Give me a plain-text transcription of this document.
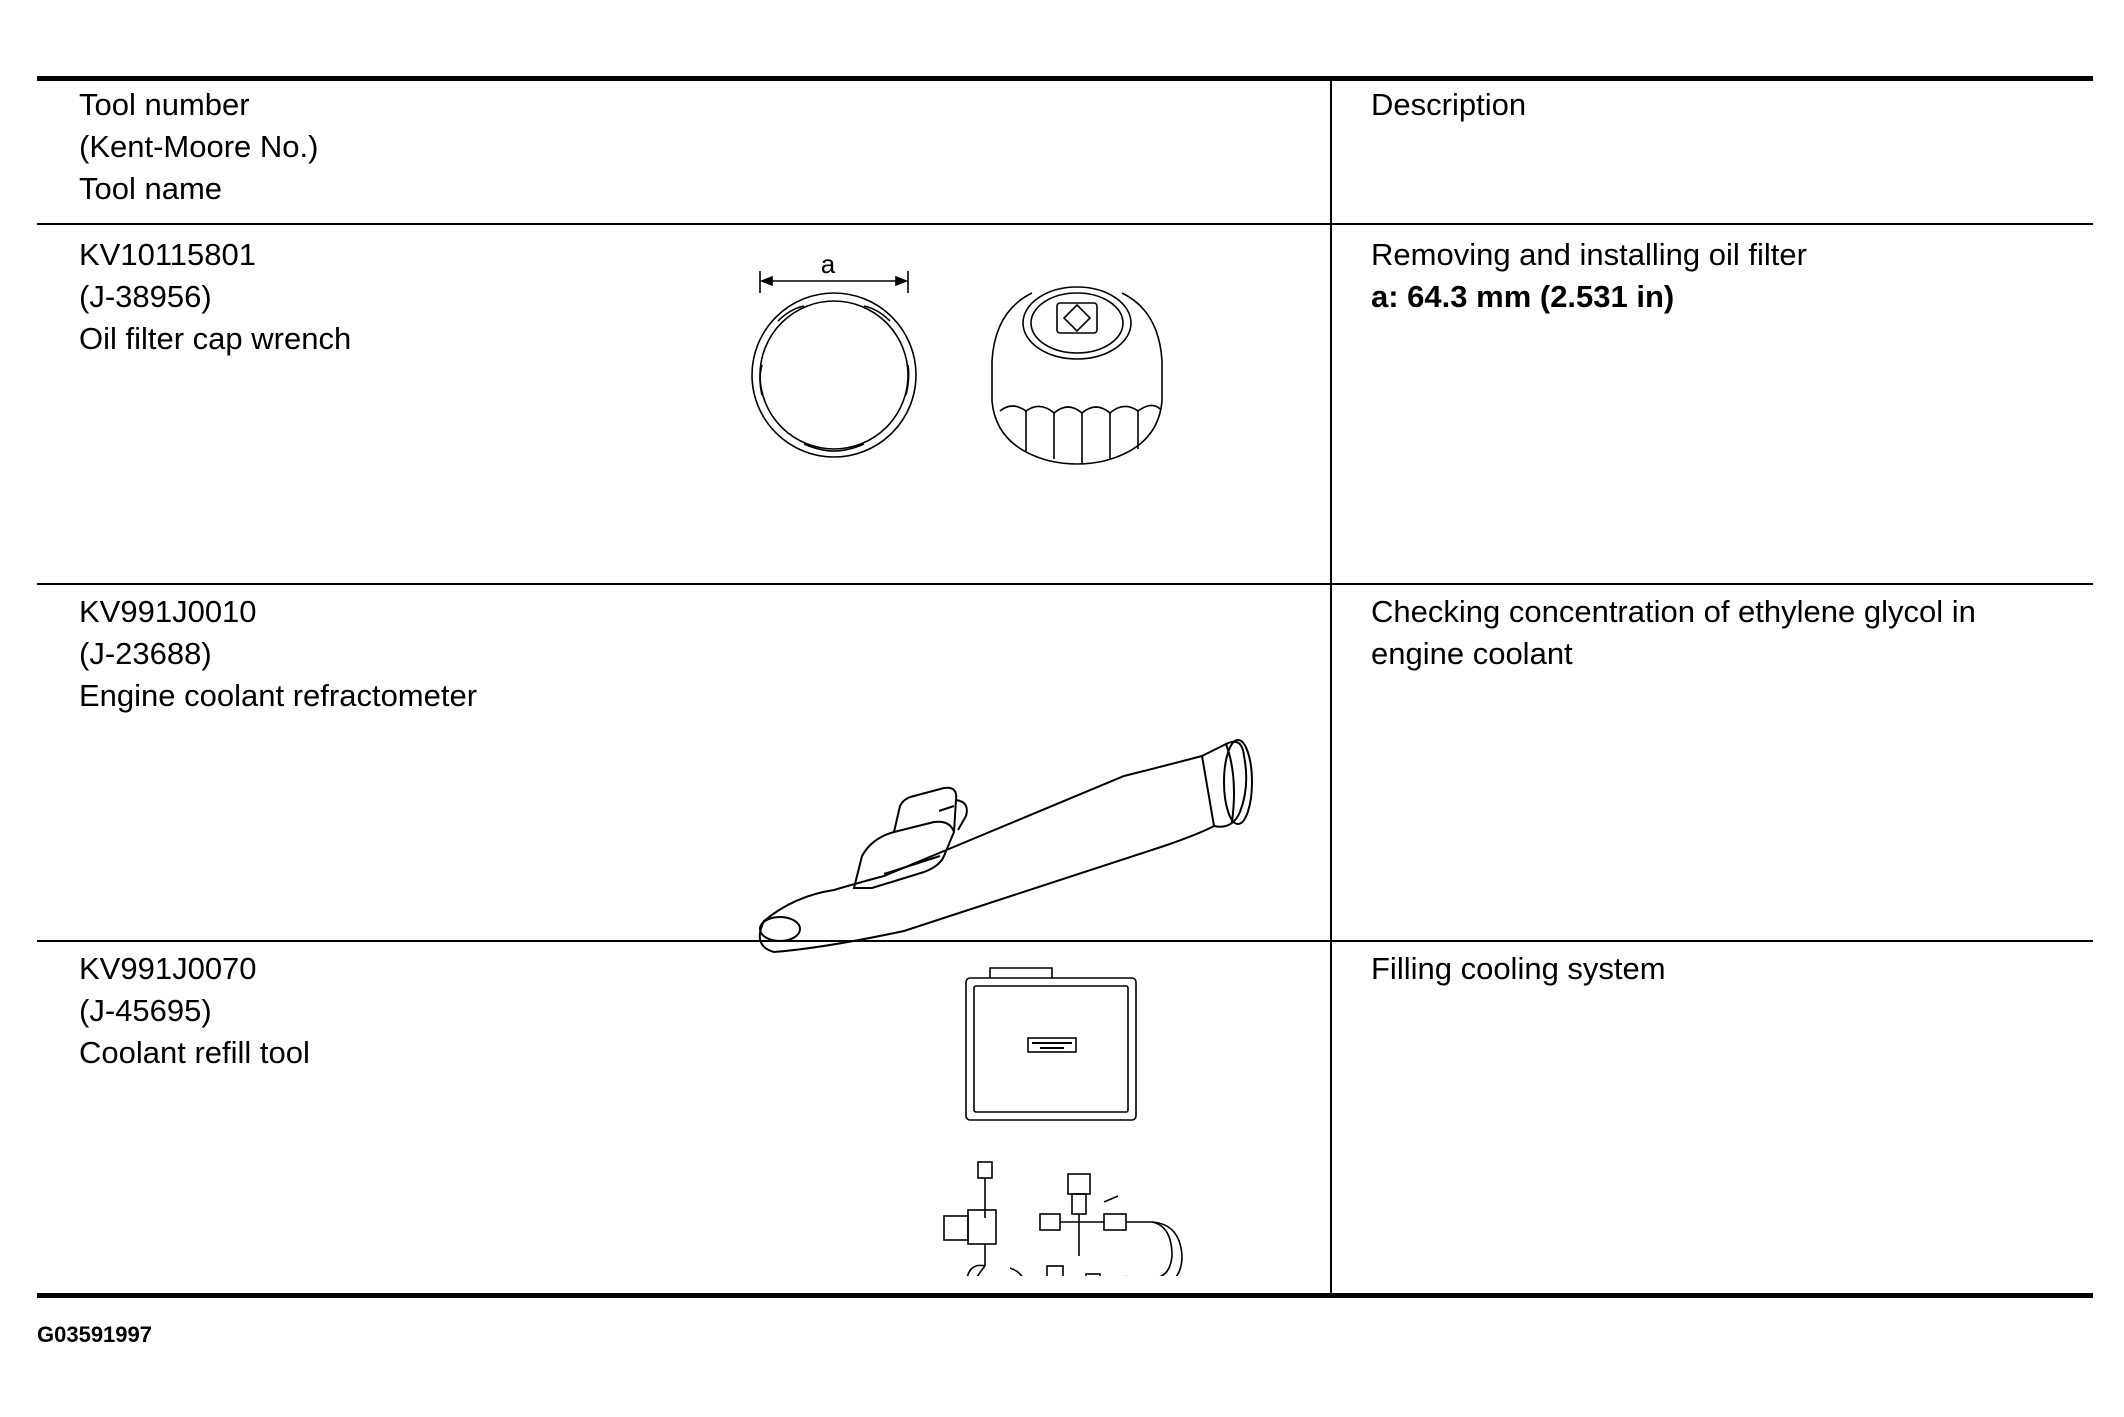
Tool number
(Kent-Moore No.)
Tool name
Description
KV10115801
(J-38956)
Oil filter cap wrench
Removing and installing oil filter
a: 64.3 mm (2.531 in)
a
KV991J0010
(J-23688)
Engine coolant refractometer
Checking concentration of ethylene glycol in
engine coolant
KV991J0070
(J-45695)
Coolant refill tool
Filling cooling system
G03591997
